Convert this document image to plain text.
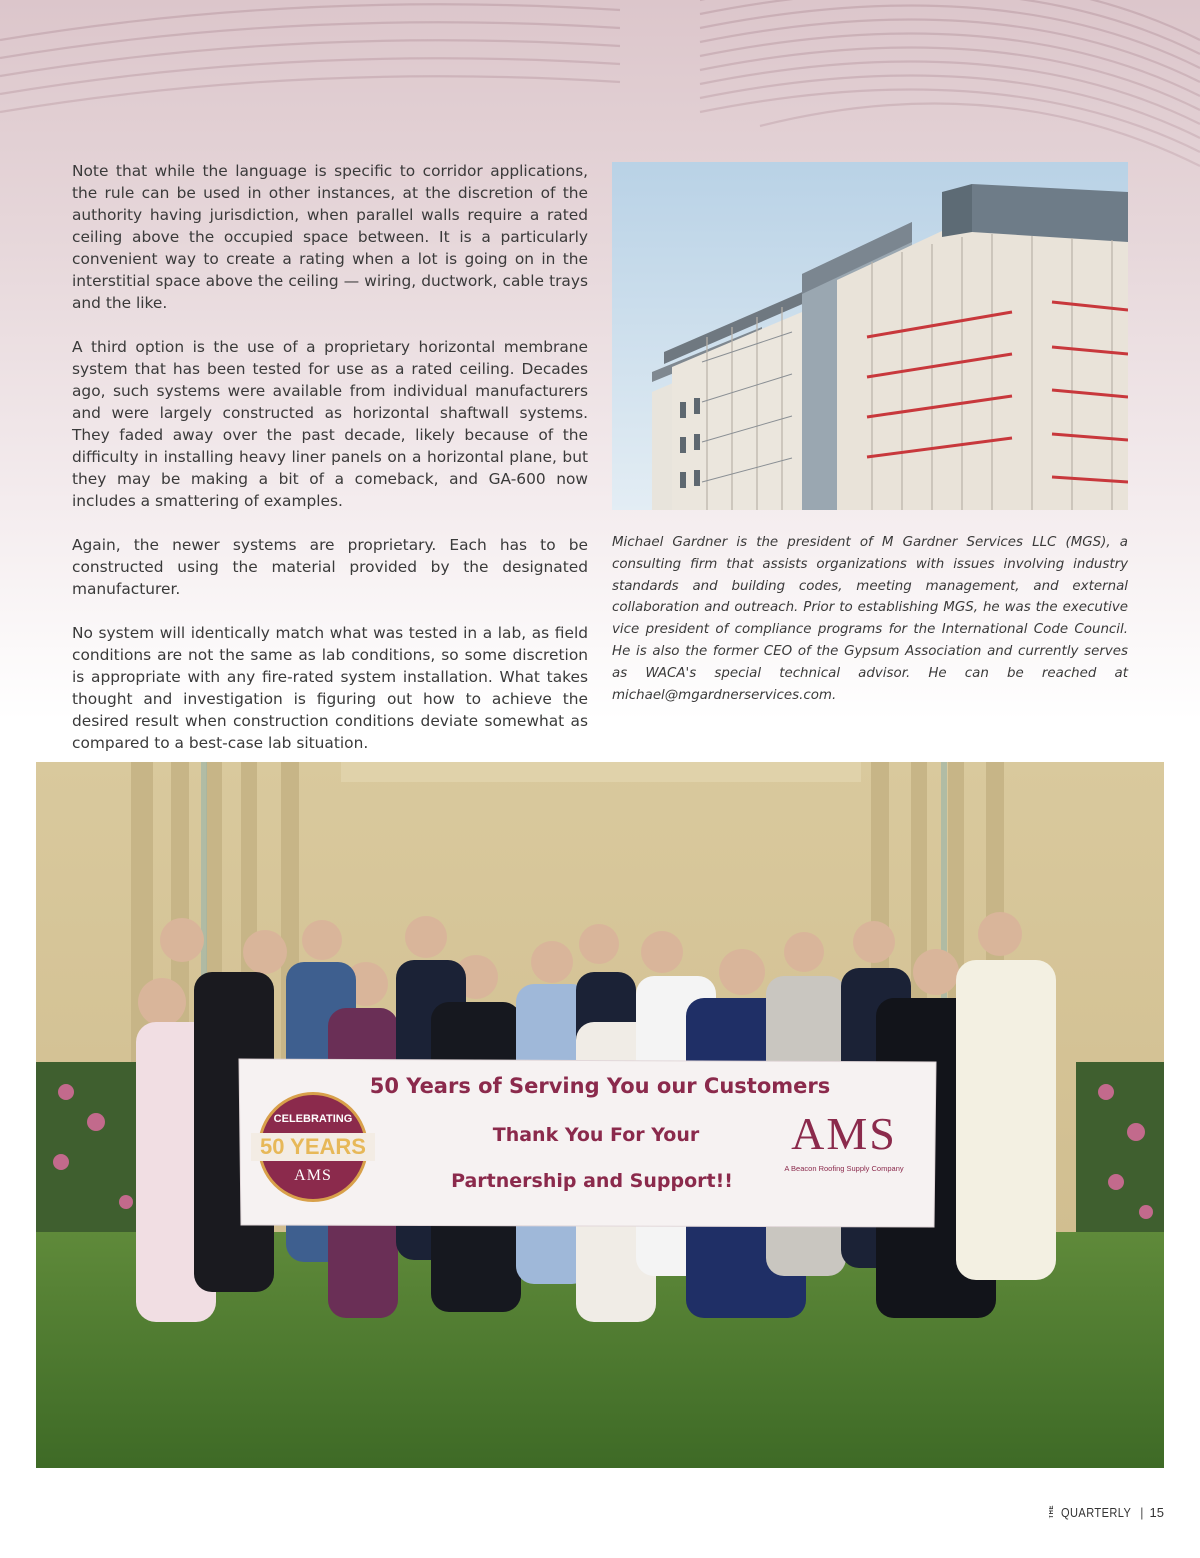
Note that while the language is specific to corridor applications, the rule can be used in other instances, at the discretion of the authority having jurisdiction, when parallel walls require a rated ceiling above the occupied space between. It is a particularly convenient way to create a rating when a lot is going on in the interstitial space above the ceiling — wiring, ductwork, cable trays and the like.

A third option is the use of a proprietary horizontal membrane system that has been tested for use as a rated ceiling. Decades ago, such systems were available from individual manufacturers and were largely constructed as horizontal shaftwall systems. They faded away over the past decade, likely because of the difficulty in installing heavy liner panels on a horizontal plane, but they may be making a bit of a comeback, and GA-600 now includes a smattering of examples.

Again, the newer systems are proprietary. Each has to be constructed using the material provided by the designated manufacturer.

No system will identically match what was tested in a lab, as field conditions are not the same as lab conditions, so some discretion is appropriate with any fire-rated system installation. What takes thought and investigation is figuring out how to achieve the desired result when construction conditions deviate somewhat as compared to a best-case lab situation.

Michael Gardner is the president of M Gardner Services LLC (MGS), a consulting firm that assists organizations with issues involving industry standards and building codes, meeting management, and external collaboration and outreach. Prior to establishing MGS, he was the executive vice president of compliance programs for the International Code Council. He is also the former CEO of the Gypsum Association and currently serves as WACA's special technical advisor. He can be reached at michael@mgardnerservices.com.
50 Years of Serving You our Customers
Thank You For Your
Partnership and Support!!
CELEBRATING
50 YEARS
AMS
AMS
A Beacon Roofing Supply Company
THE QUARTERLY | 15
